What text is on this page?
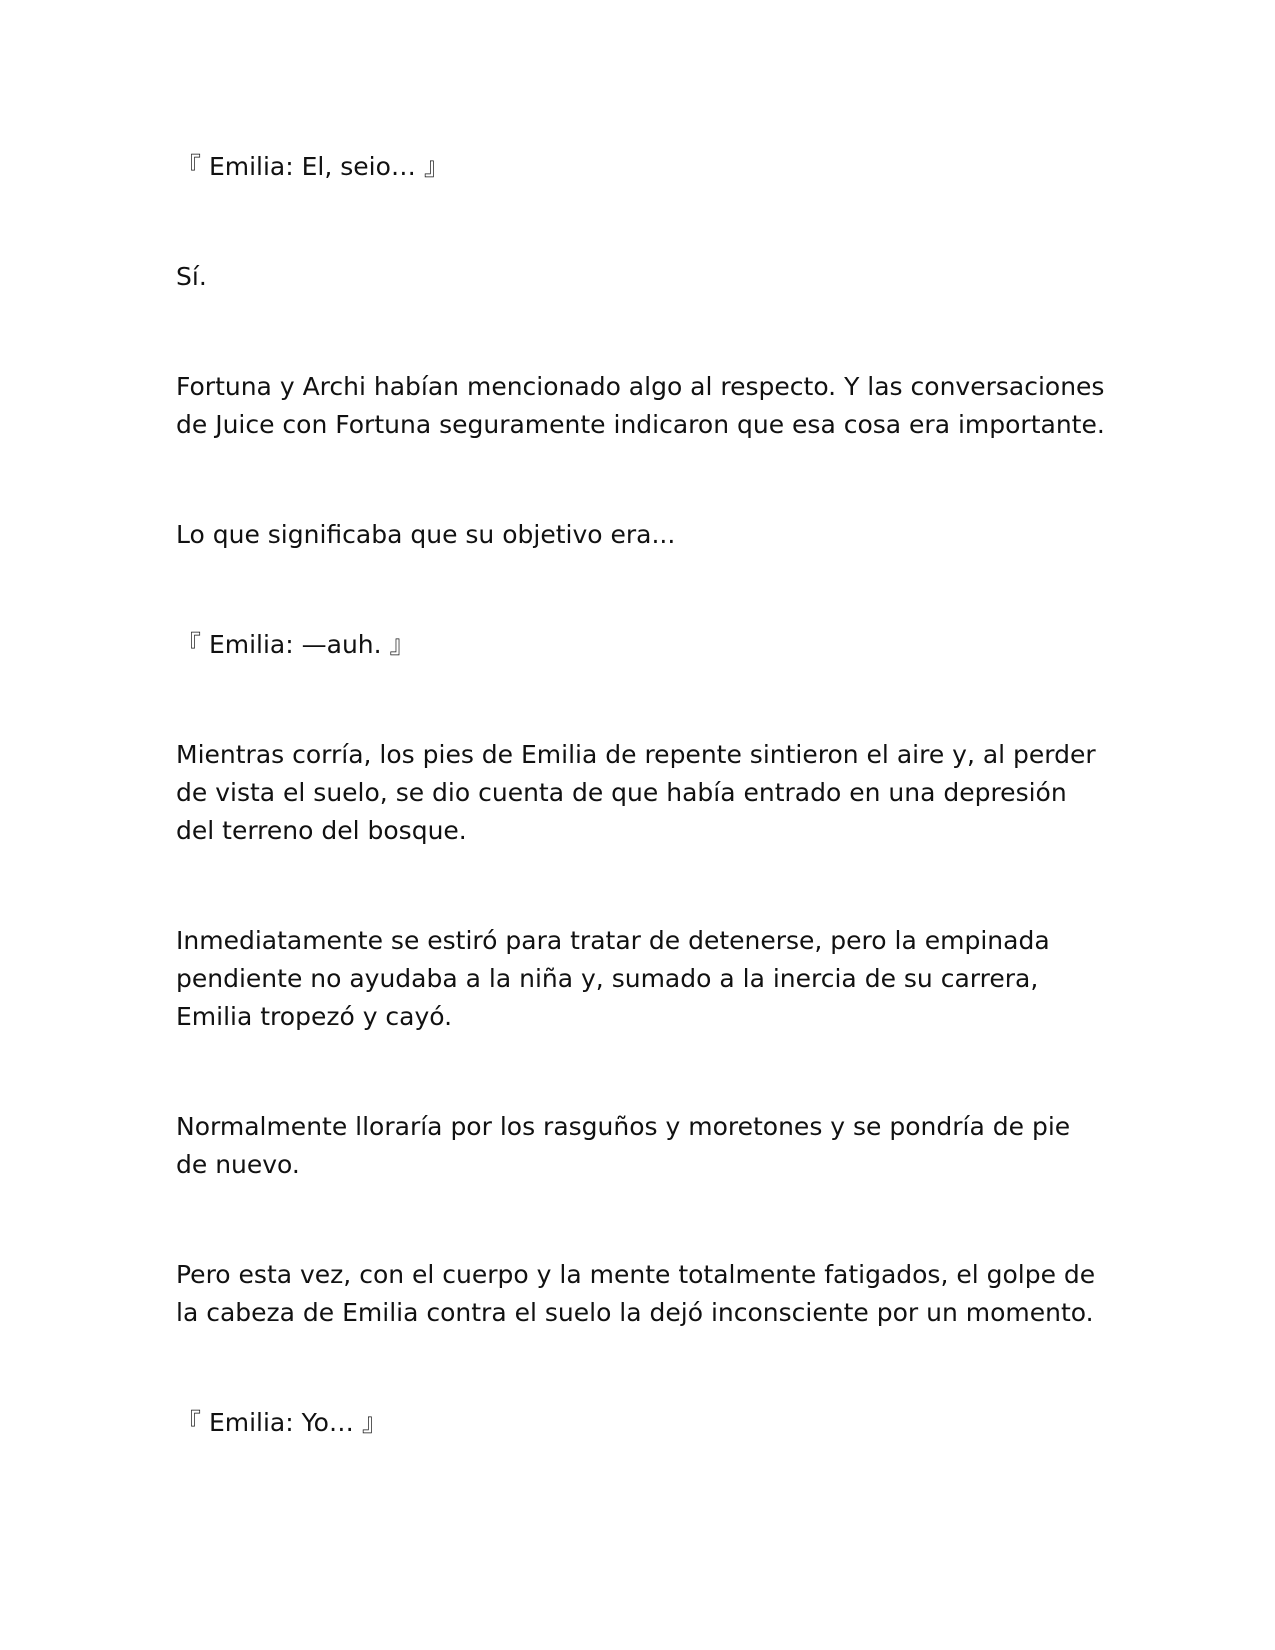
『 Emilia: El, seio… 』

Sí.

Fortuna y Archi habían mencionado algo al respecto. Y las conversaciones de Juice con Fortuna seguramente indicaron que esa cosa era importante.

Lo que significaba que su objetivo era...

『 Emilia: —auh. 』

Mientras corría, los pies de Emilia de repente sintieron el aire y, al perder de vista el suelo, se dio cuenta de que había entrado en una depresión del terreno del bosque.

Inmediatamente se estiró para tratar de detenerse, pero la empinada pendiente no ayudaba a la niña y, sumado a la inercia de su carrera, Emilia tropezó y cayó.

Normalmente lloraría por los rasguños y moretones y se pondría de pie de nuevo.

Pero esta vez, con el cuerpo y la mente totalmente fatigados, el golpe de la cabeza de Emilia contra el suelo la dejó inconsciente por un momento.

『 Emilia: Yo… 』
